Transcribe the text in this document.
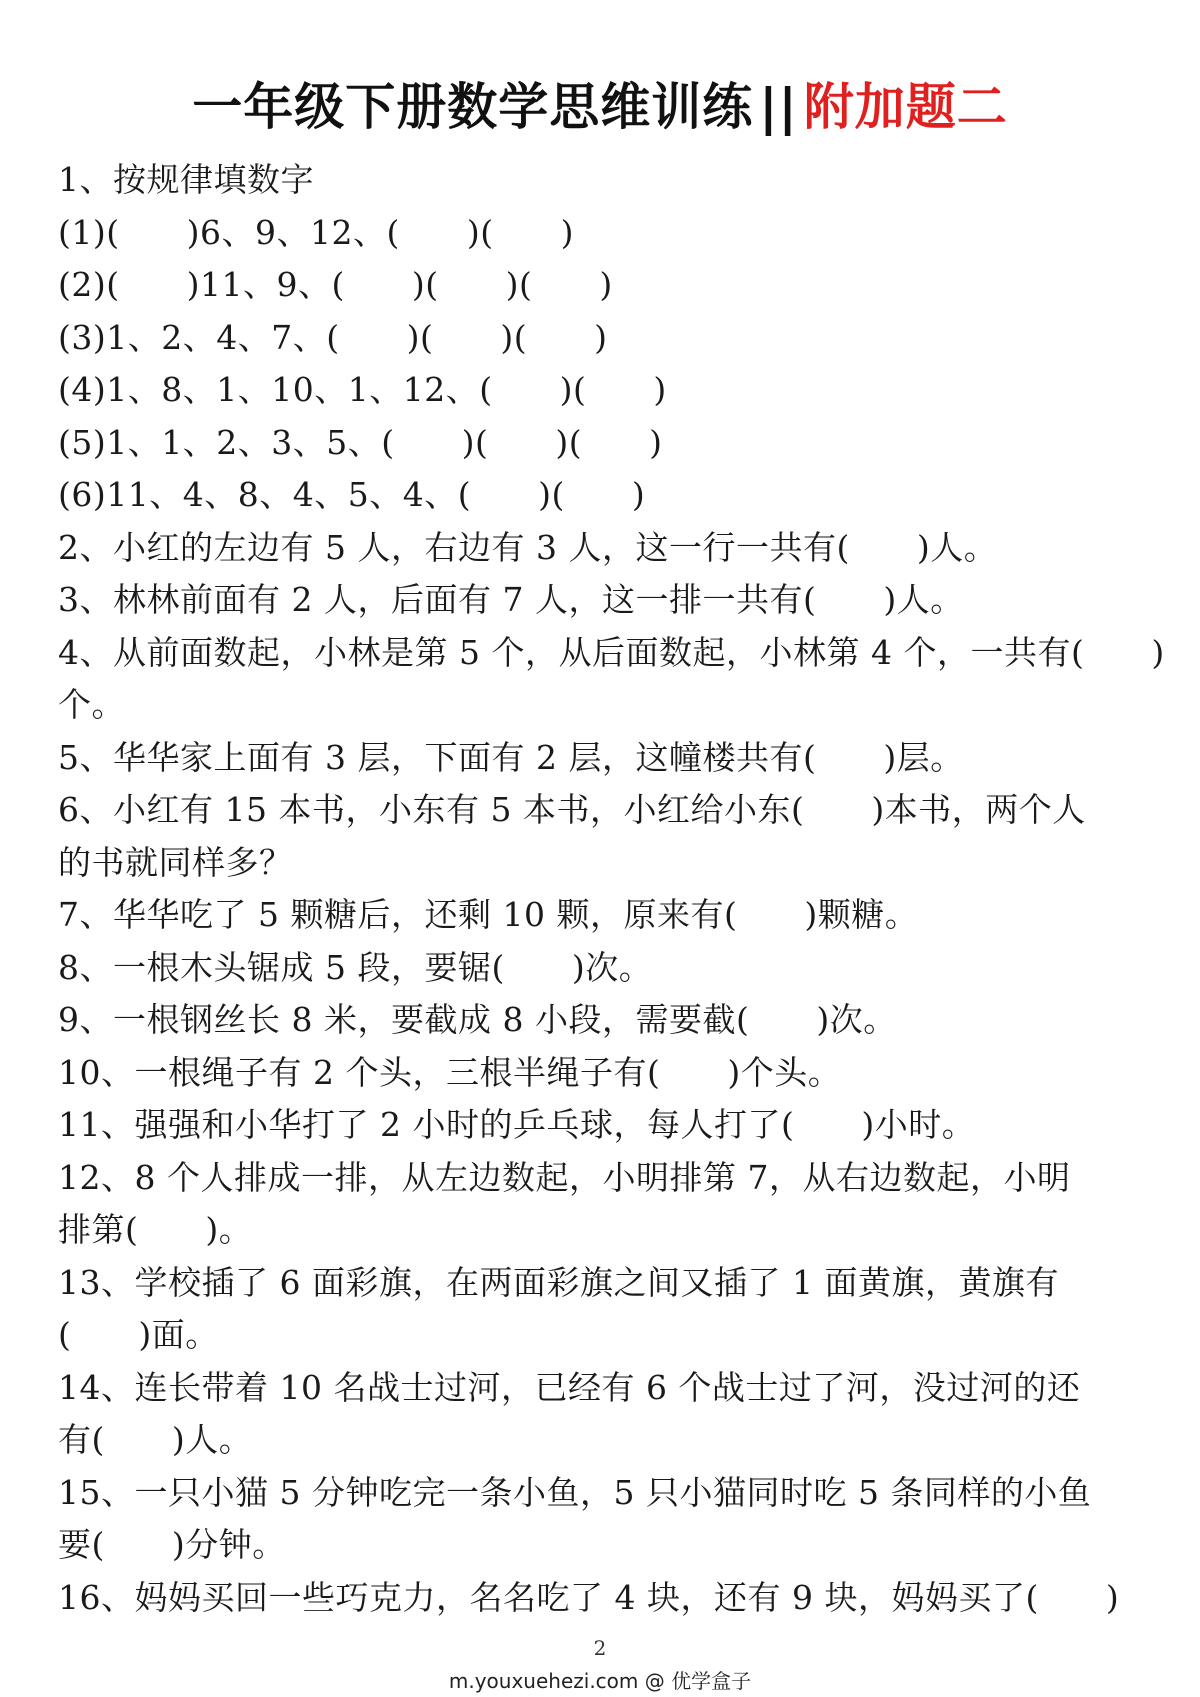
一年级下册数学思维训练 || 附加题二
1、按规律填数字
(1)(　　)6、9、12、(　　)(　　)
(2)(　　)11、9、(　　)(　　)(　　)
(3)1、2、4、7、(　　)(　　)(　　)
(4)1、8、1、10、1、12、(　　)(　　)
(5)1、1、2、3、5、(　　)(　　)(　　)
(6)11、4、8、4、5、4、(　　)(　　)
2、小红的左边有 5 人，右边有 3 人，这一行一共有(　　)人。
3、林林前面有 2 人，后面有 7 人，这一排一共有(　　)人。
4、从前面数起，小林是第 5 个，从后面数起，小林第 4 个，一共有(　　)
个。
5、华华家上面有 3 层，下面有 2 层，这幢楼共有(　　)层。
6、小红有 15 本书，小东有 5 本书，小红给小东(　　)本书，两个人
的书就同样多？
7、华华吃了 5 颗糖后，还剩 10 颗，原来有(　　)颗糖。
8、一根木头锯成 5 段，要锯(　　)次。
9、一根钢丝长 8 米，要截成 8 小段，需要截(　　)次。
10、一根绳子有 2 个头，三根半绳子有(　　)个头。
11、强强和小华打了 2 小时的乒乓球，每人打了(　　)小时。
12、8 个人排成一排，从左边数起，小明排第 7，从右边数起，小明
排第(　　)。
13、学校插了 6 面彩旗，在两面彩旗之间又插了 1 面黄旗，黄旗有
(　　)面。
14、连长带着 10 名战士过河，已经有 6 个战士过了河，没过河的还
有(　　)人。
15、一只小猫 5 分钟吃完一条小鱼，5 只小猫同时吃 5 条同样的小鱼
要(　　)分钟。
16、妈妈买回一些巧克力，名名吃了 4 块，还有 9 块，妈妈买了(　　)
2
m.youxuehezi.com @ 优学盒子
